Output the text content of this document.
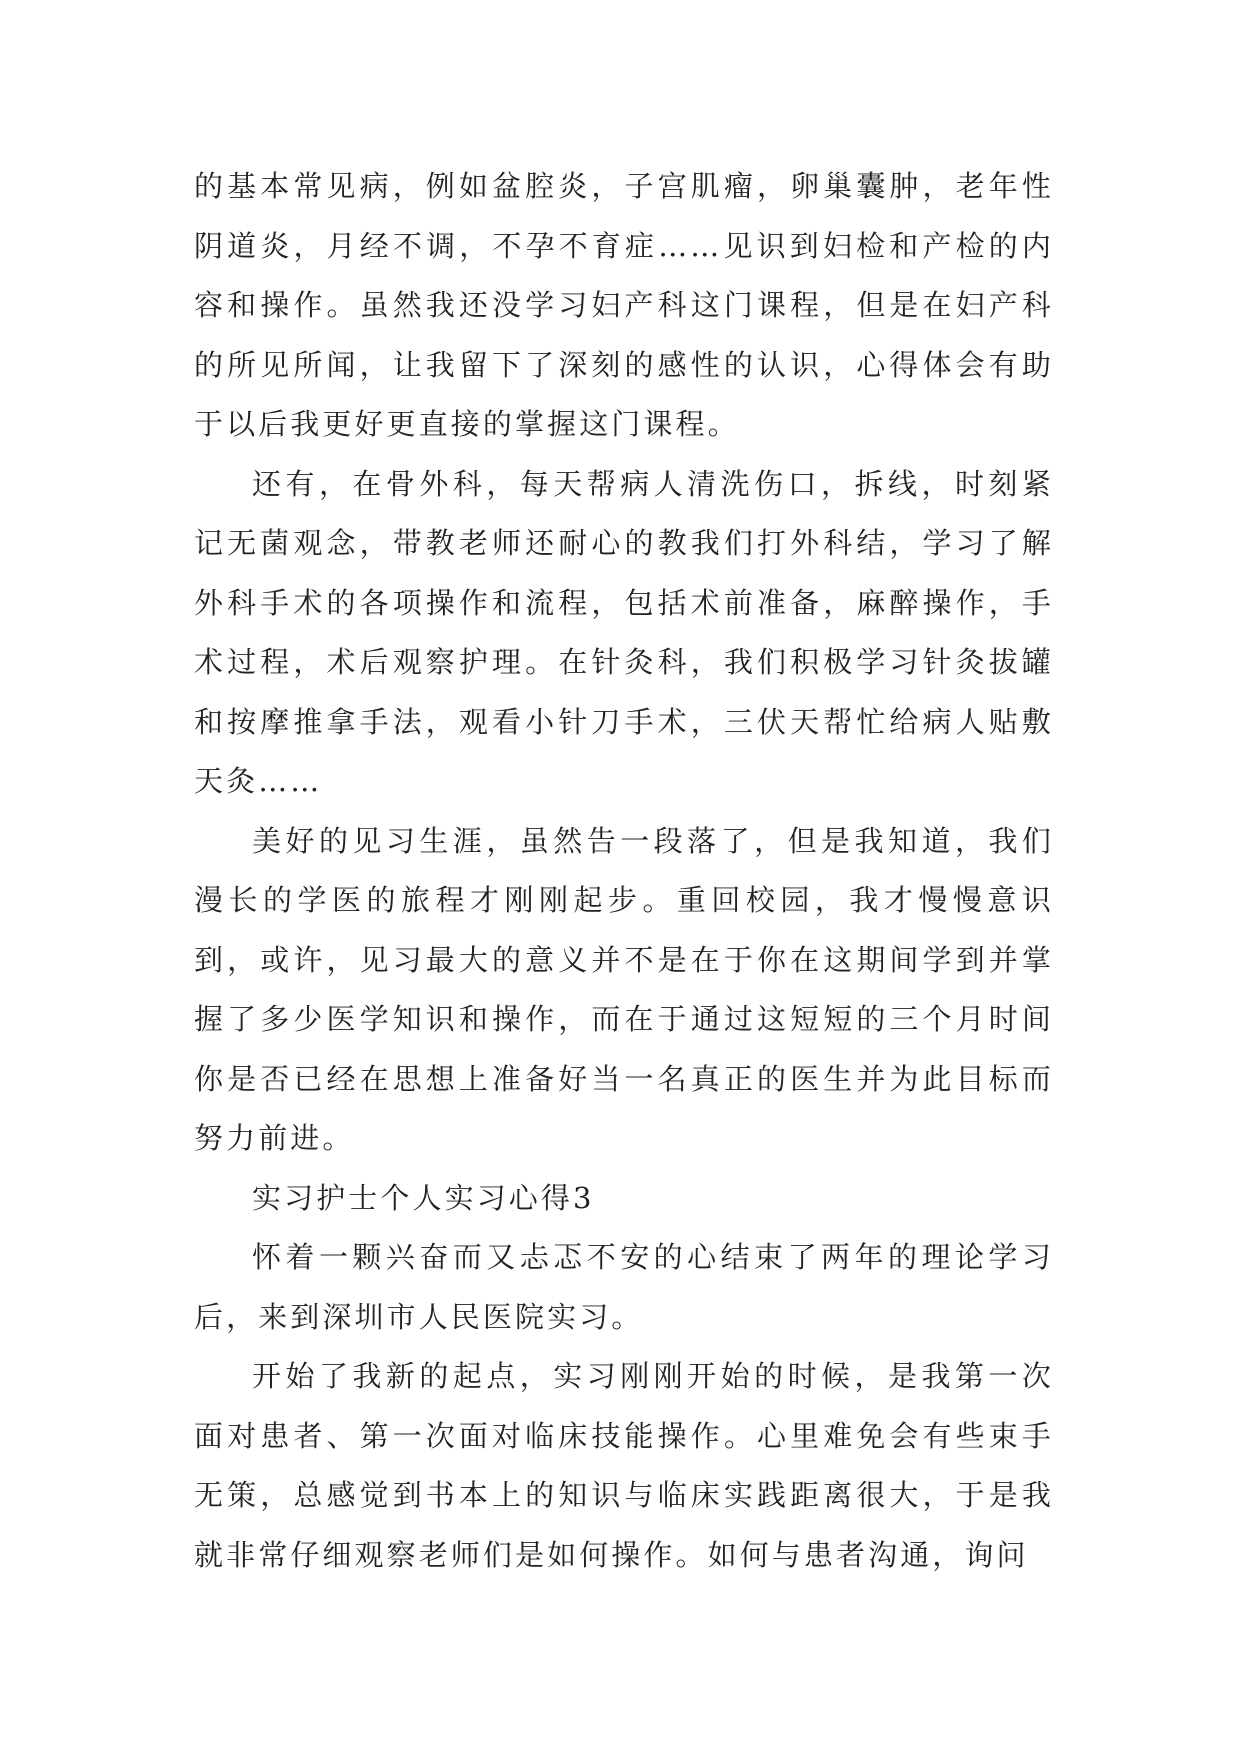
的基本常见病，例如盆腔炎，子宫肌瘤，卵巢囊肿，老年性阴道炎，月经不调，不孕不育症……见识到妇检和产检的内容和操作。虽然我还没学习妇产科这门课程，但是在妇产科的所见所闻，让我留下了深刻的感性的认识，心得体会有助于以后我更好更直接的掌握这门课程。

还有，在骨外科，每天帮病人清洗伤口，拆线，时刻紧记无菌观念，带教老师还耐心的教我们打外科结，学习了解外科手术的各项操作和流程，包括术前准备，麻醉操作，手术过程，术后观察护理。在针灸科，我们积极学习针灸拔罐和按摩推拿手法，观看小针刀手术，三伏天帮忙给病人贴敷天灸……

美好的见习生涯，虽然告一段落了，但是我知道，我们漫长的学医的旅程才刚刚起步。重回校园，我才慢慢意识到，或许，见习最大的意义并不是在于你在这期间学到并掌握了多少医学知识和操作，而在于通过这短短的三个月时间你是否已经在思想上准备好当一名真正的医生并为此目标而努力前进。

实习护士个人实习心得3

怀着一颗兴奋而又忐忑不安的心结束了两年的理论学习后，来到深圳市人民医院实习。

开始了我新的起点，实习刚刚开始的时候，是我第一次面对患者、第一次面对临床技能操作。心里难免会有些束手无策，总感觉到书本上的知识与临床实践距离很大，于是我就非常仔细观察老师们是如何操作。如何与患者沟通，询问
